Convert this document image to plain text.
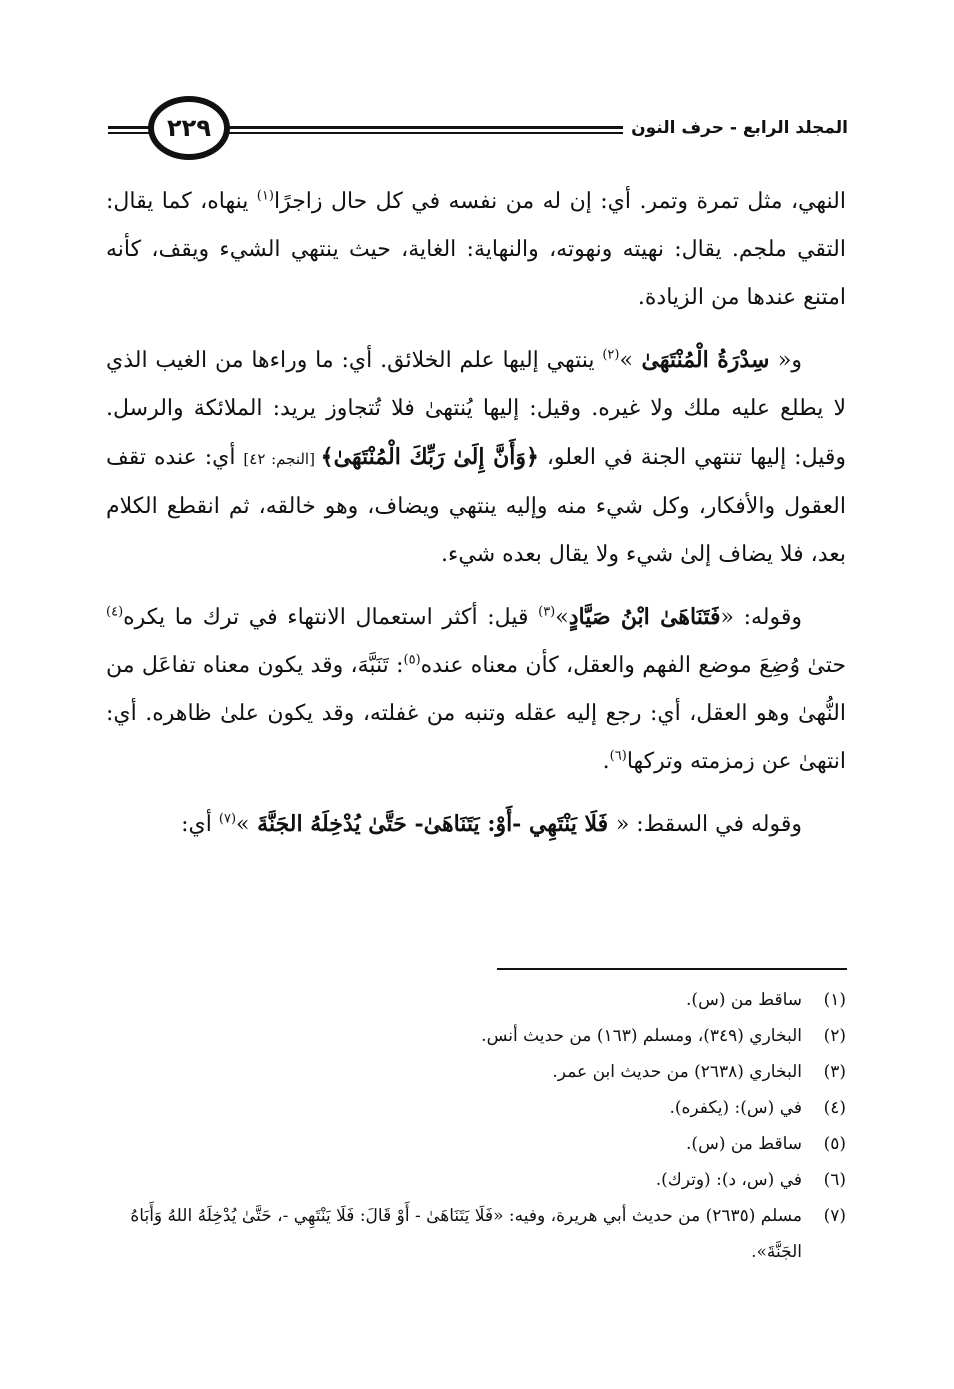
المجلد الرابع - حرف النون
٢٢٩

النهي، مثل تمرة وتمر. أي: إن له من نفسه في كل حال زاجرًا$^{(١)}$ ينهاه، كما يقال: التقي ملجم. يقال: نهيته ونهوته، والنهاية: الغاية، حيث ينتهي الشيء ويقف، كأنه امتنع عندها من الزيادة.

و« سِدْرَةُ الْمُنْتَهَىٰ »$^{(٢)}$ ينتهي إليها علم الخلائق. أي: ما وراءها من الغيب الذي لا يطلع عليه ملك ولا غيره. وقيل: إليها يُنتهىٰ فلا تُتجاوز يريد: الملائكة والرسل. وقيل: إليها تنتهي الجنة في العلو، ﴿وَأَنَّ إِلَىٰ رَبِّكَ الْمُنْتَهَىٰ﴾ [النجم: ٤٢] أي: عنده تقف العقول والأفكار، وكل شيء منه وإليه ينتهي ويضاف، وهو خالقه، ثم انقطع الكلام بعد، فلا يضاف إلىٰ شيء ولا يقال بعده شيء.

وقوله: «فَتَنَاهَىٰ ابْنُ صَيَّادٍ»$^{(٣)}$ قيل: أكثر استعمال الانتهاء في ترك ما يكره$^{(٤)}$ حتىٰ وُضِعَ موضع الفهم والعقل، كأن معناه عنده$^{(٥)}$: تَنَبَّهَ، وقد يكون معناه تفاعَل من النُّهىٰ وهو العقل، أي: رجع إليه عقله وتنبه من غفلته، وقد يكون علىٰ ظاهره. أي: انتهىٰ عن زمزمته وتركها$^{(٦)}$.

وقوله في السقط: « فَلَا يَنْتَهِي -أَوْ: يَتَنَاهَىٰ- حَتَّىٰ يُدْخِلَهُ الجَنَّةَ »$^{(٧)}$ أي:

(١)
ساقط من (س).
(٢)
البخاري (٣٤٩)، ومسلم (١٦٣) من حديث أنس.
(٣)
البخاري (٢٦٣٨) من حديث ابن عمر.
(٤)
في (س): (يكفره).
(٥)
ساقط من (س).
(٦)
في (س، د): (وترك).
(٧)
مسلم (٢٦٣٥) من حديث أبي هريرة، وفيه: «فَلَا يَتَنَاهَىٰ - أَوْ قَالَ: فَلَا يَنْتَهِي -، حَتَّىٰ يُدْخِلَهُ اللهُ وَأَبَاهُ الجَنَّةَ».
